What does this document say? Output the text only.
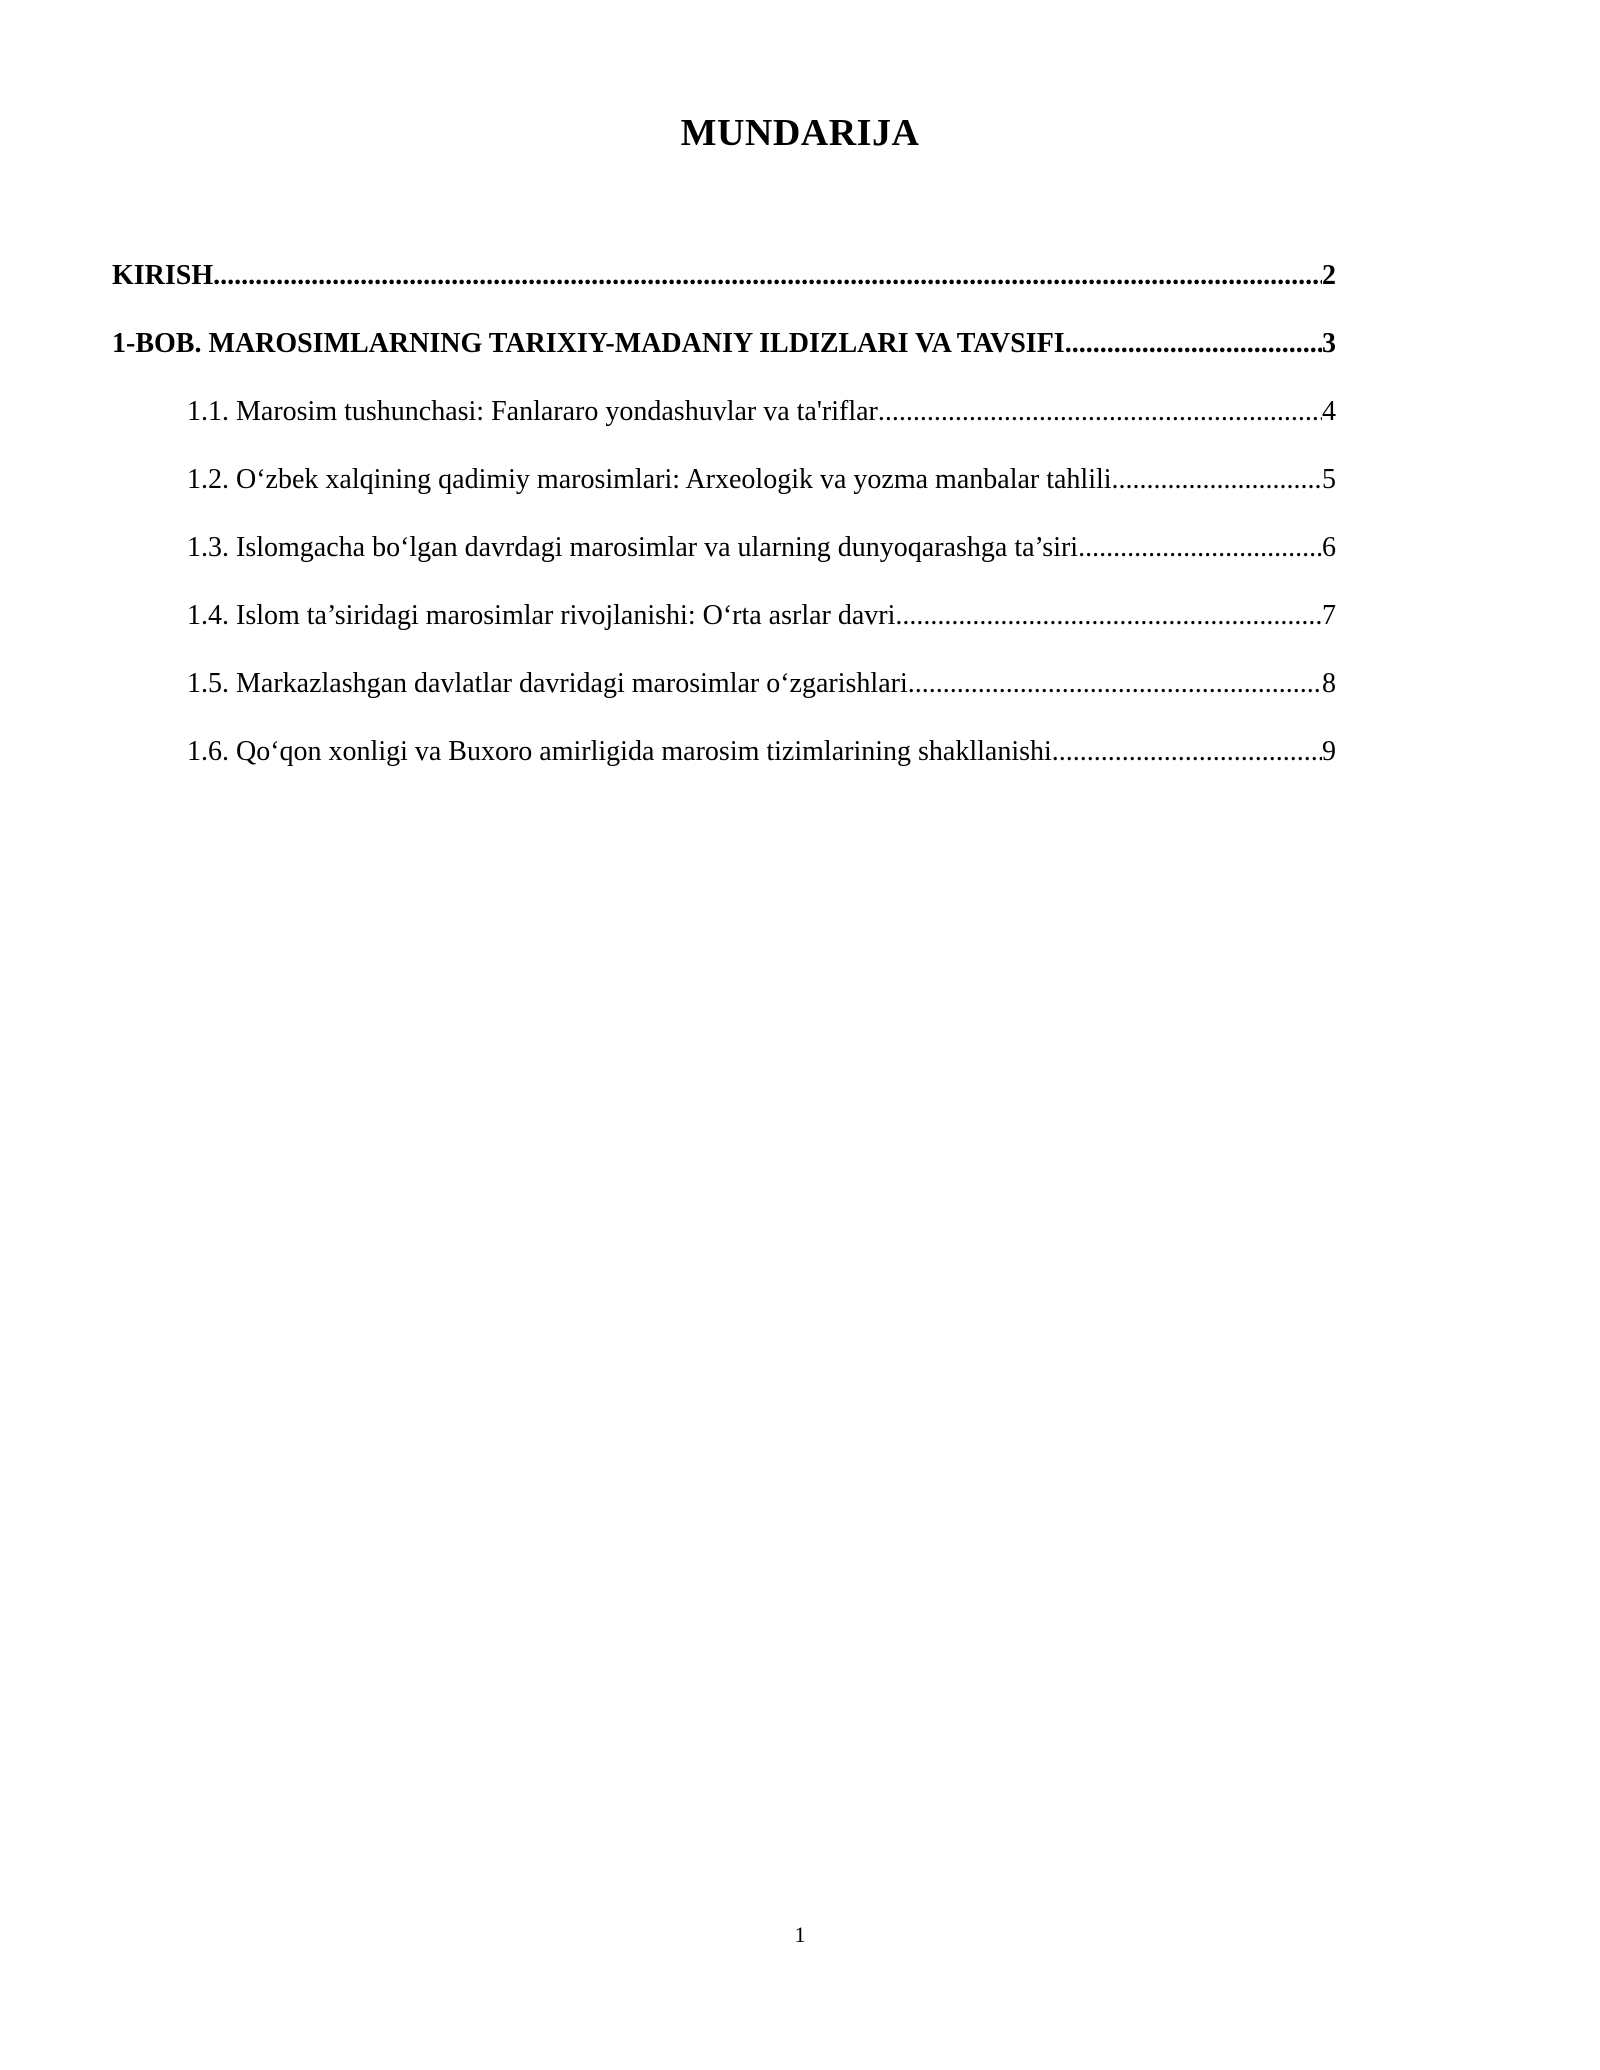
MUNDARIJA
KIRISH .....	2
1-BOB. MAROSIMLARNING TARIXIY-MADANIY ILDIZLARI VA TAVSIFI .....	3
1.1. Marosim tushunchasi: Fanlararo yondashuvlar va ta'riflar .....	4
1.2. O‘zbek xalqining qadimiy marosimlari: Arxeologik va yozma manbalar tahlili .....	5
1.3. Islomgacha bo‘lgan davrdagi marosimlar va ularning dunyoqarashga ta’siri .....	6
1.4. Islom ta’siridagi marosimlar rivojlanishi: O‘rta asrlar davri .....	7
1.5. Markazlashgan davlatlar davridagi marosimlar o‘zgarishlari .....	8
1.6. Qo‘qon xonligi va Buxoro amirligida marosim tizimlarining shakllanishi .....	9
1
